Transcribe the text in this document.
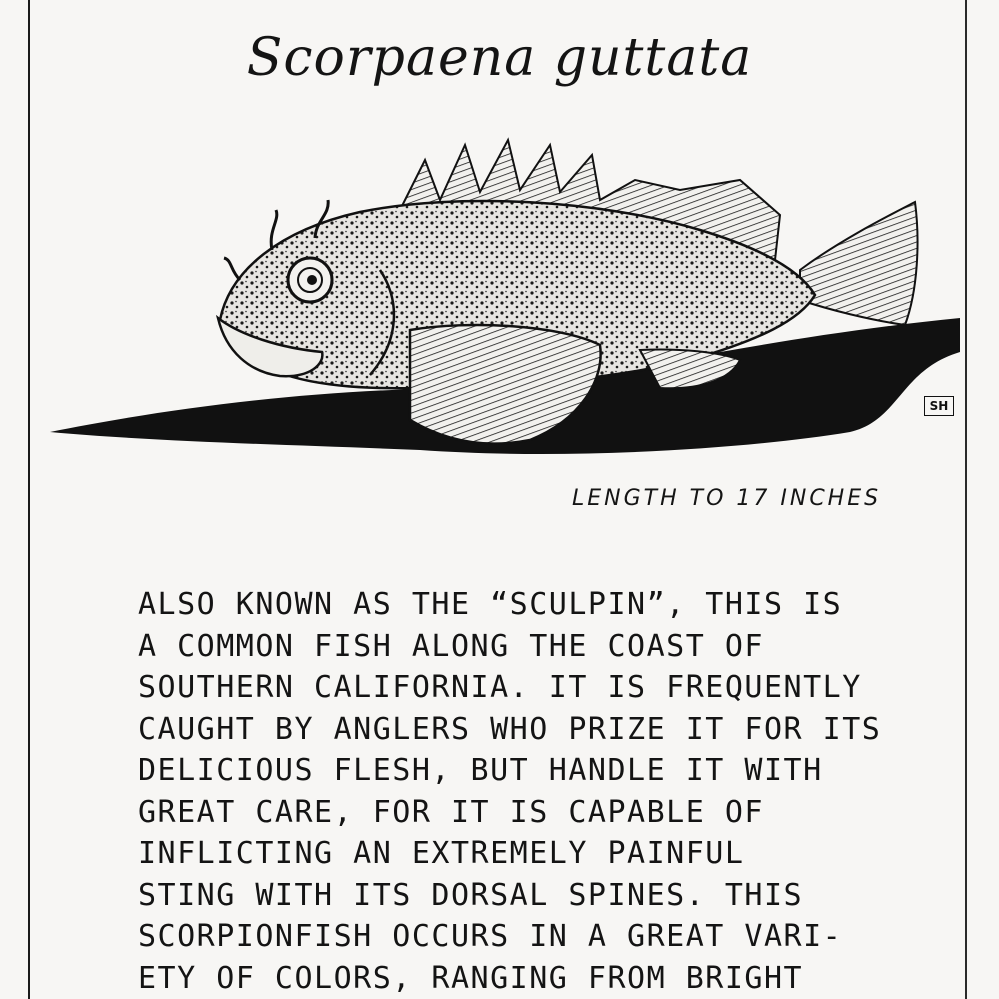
Scorpaena guttata
SH
LENGTH TO 17 INCHES
ALSO KNOWN AS THE “SCULPIN”, THIS IS
A COMMON FISH ALONG THE COAST OF
SOUTHERN CALIFORNIA. IT IS FREQUENTLY
CAUGHT BY ANGLERS WHO PRIZE IT FOR ITS
DELICIOUS FLESH, BUT HANDLE IT WITH
GREAT CARE, FOR IT IS CAPABLE OF
INFLICTING AN EXTREMELY PAINFUL
STING WITH ITS DORSAL SPINES. THIS
SCORPIONFISH OCCURS IN A GREAT VARI-
ETY OF COLORS, RANGING FROM BRIGHT
